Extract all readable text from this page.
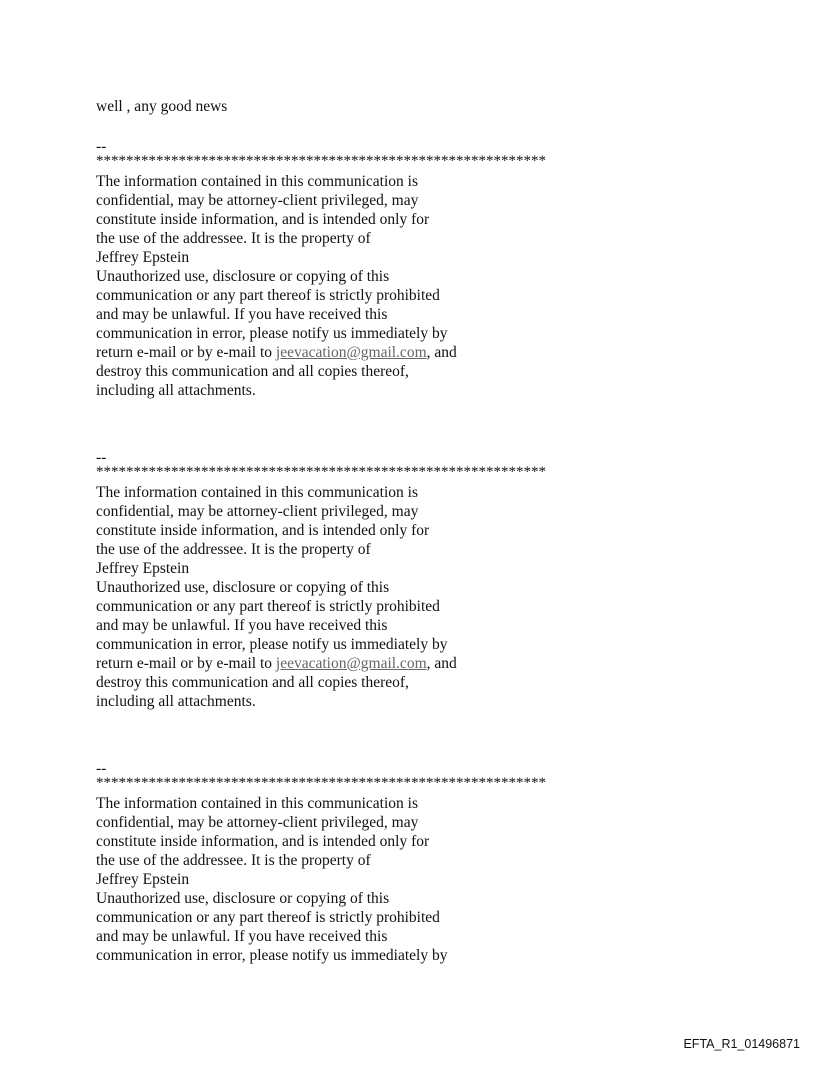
well , any good news
--
************************************************************
The information contained in this communication is
confidential, may be attorney-client privileged, may
constitute inside information, and is intended only for
the use of the addressee. It is the property of
Jeffrey Epstein
Unauthorized use, disclosure or copying of this
communication or any part thereof is strictly prohibited
and may be unlawful. If you have received this
communication in error, please notify us immediately by
return e-mail or by e-mail to jeevacation@gmail.com, and
destroy this communication and all copies thereof,
including all attachments.
--
************************************************************
The information contained in this communication is
confidential, may be attorney-client privileged, may
constitute inside information, and is intended only for
the use of the addressee. It is the property of
Jeffrey Epstein
Unauthorized use, disclosure or copying of this
communication or any part thereof is strictly prohibited
and may be unlawful. If you have received this
communication in error, please notify us immediately by
return e-mail or by e-mail to jeevacation@gmail.com, and
destroy this communication and all copies thereof,
including all attachments.
--
************************************************************
The information contained in this communication is
confidential, may be attorney-client privileged, may
constitute inside information, and is intended only for
the use of the addressee. It is the property of
Jeffrey Epstein
Unauthorized use, disclosure or copying of this
communication or any part thereof is strictly prohibited
and may be unlawful. If you have received this
communication in error, please notify us immediately by
EFTA_R1_01496871
